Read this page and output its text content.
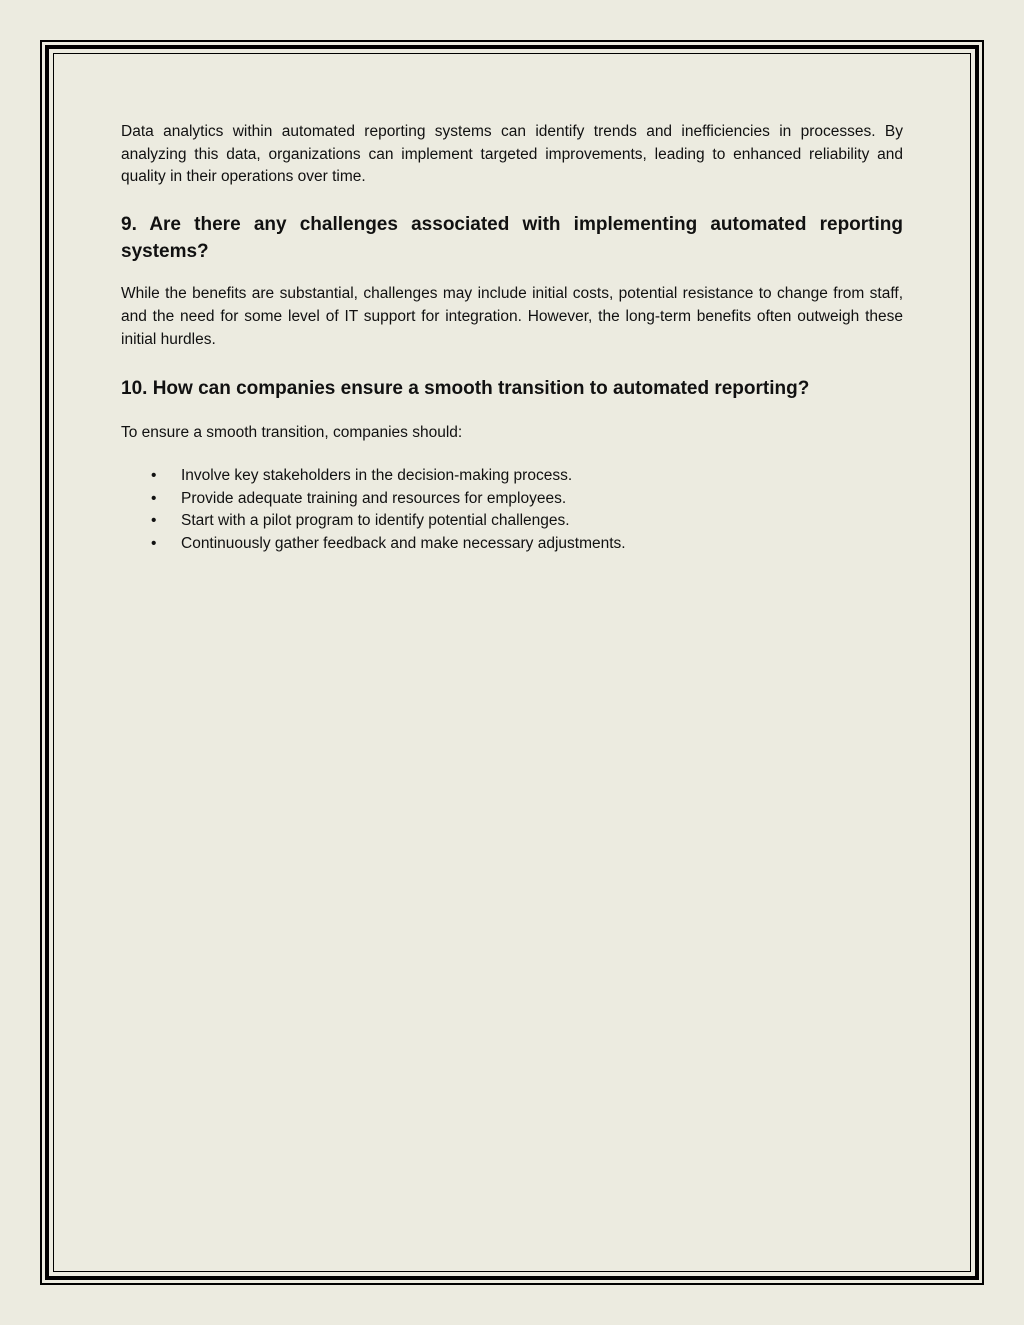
Data analytics within automated reporting systems can identify trends and inefficiencies in processes. By analyzing this data, organizations can implement targeted improvements, leading to enhanced reliability and quality in their operations over time.

9. Are there any challenges associated with implementing automated reporting systems?

While the benefits are substantial, challenges may include initial costs, potential resistance to change from staff, and the need for some level of IT support for integration. However, the long-term benefits often outweigh these initial hurdles.

10. How can companies ensure a smooth transition to automated reporting?

To ensure a smooth transition, companies should:

• Involve key stakeholders in the decision-making process.
• Provide adequate training and resources for employees.
• Start with a pilot program to identify potential challenges.
• Continuously gather feedback and make necessary adjustments.
